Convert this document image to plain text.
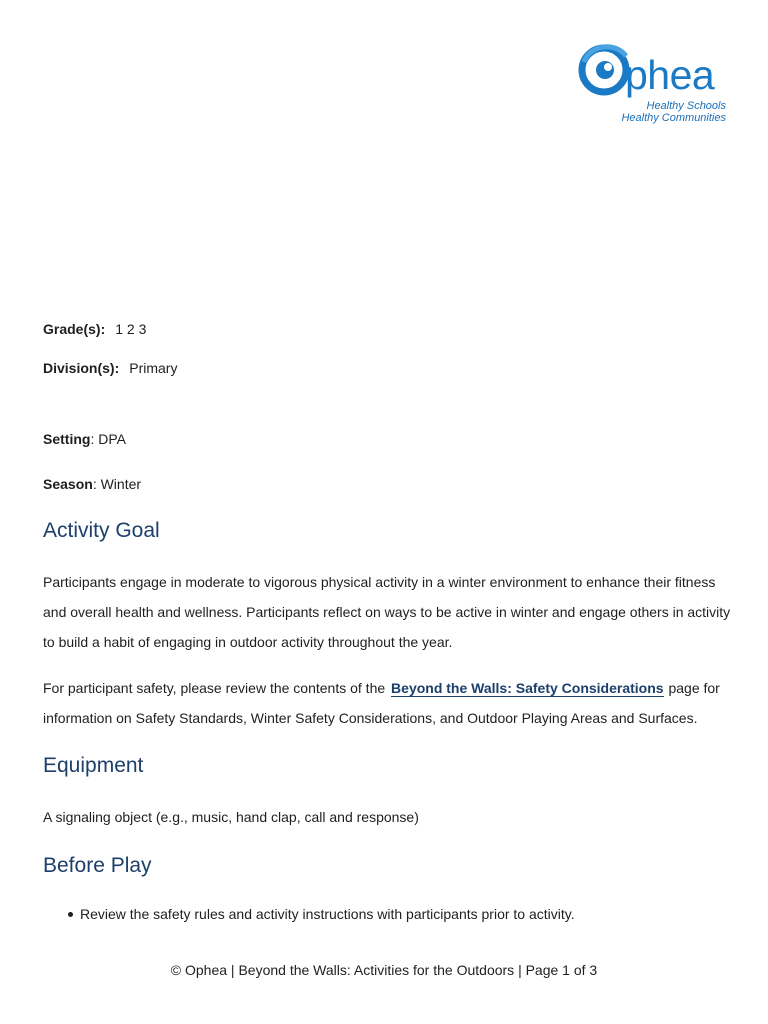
phea
Healthy Schools
Healthy Communities
Grade(s): 1 2 3
Division(s): Primary
Setting: DPA
Season: Winter
Activity Goal

Participants engage in moderate to vigorous physical activity in a winter environment to enhance their fitness and overall health and wellness. Participants reflect on ways to be active in winter and engage others in activity to build a habit of engaging in outdoor activity throughout the year.

For participant safety, please review the contents of the Beyond the Walls: Safety Considerations page for information on Safety Standards, Winter Safety Considerations, and Outdoor Playing Areas and Surfaces.

Equipment

A signaling object (e.g., music, hand clap, call and response)

Before Play
Review the safety rules and activity instructions with participants prior to activity.
© Ophea | Beyond the Walls: Activities for the Outdoors | Page 1 of 3
